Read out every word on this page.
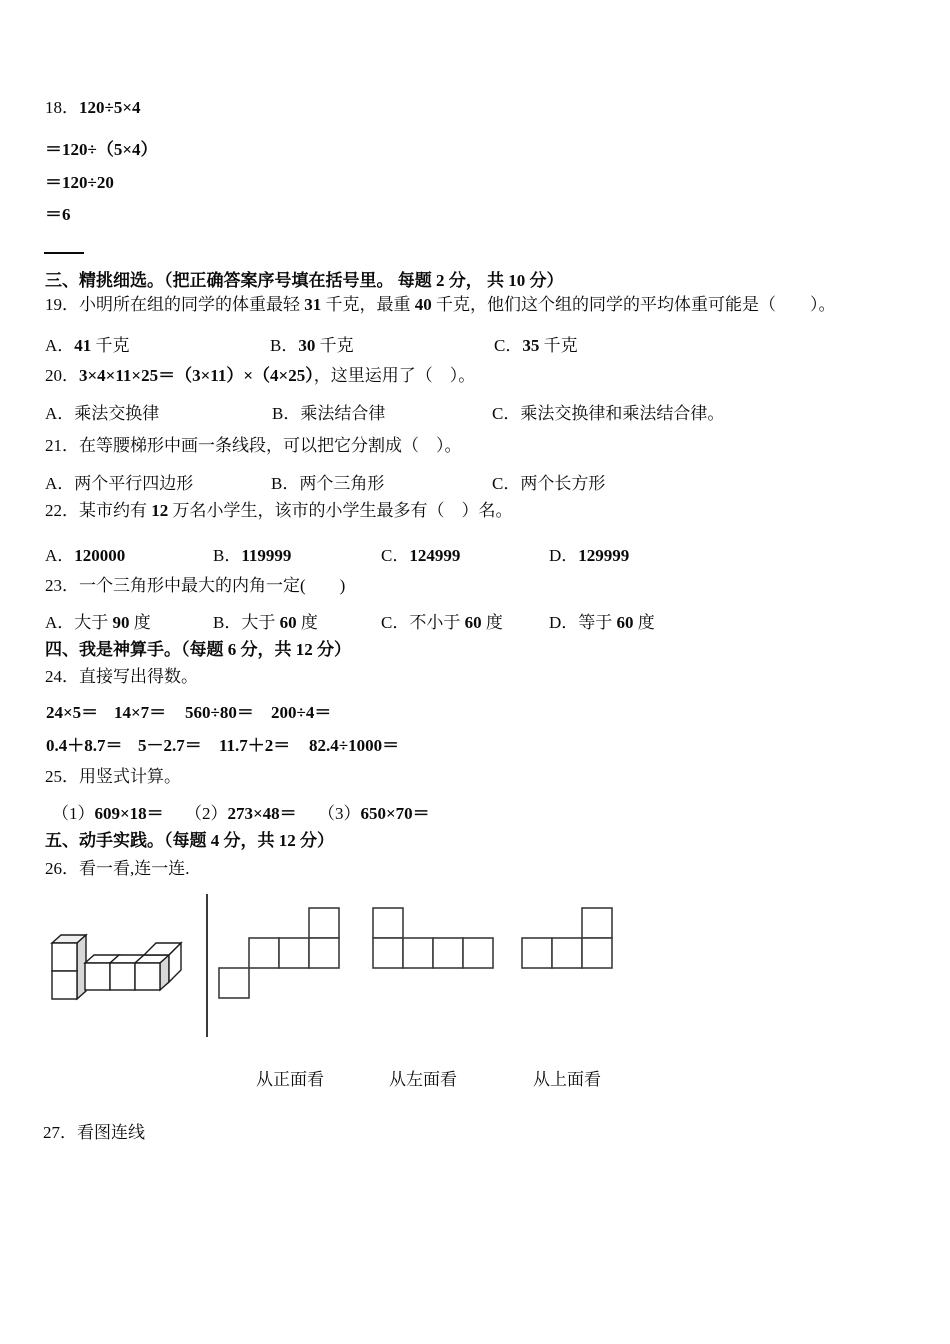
18．120÷5×4
＝120÷（5×4）
＝120÷20
＝6
三、精挑细选。（把正确答案序号填在括号里。 每题 2 分， 共 10 分）
19．小明所在组的同学的体重最轻 31 千克，最重 40 千克，他们这个组的同学的平均体重可能是（　　）。
A．41 千克	B．30 千克	C．35 千克
20．3×4×11×25＝（3×11）×（4×25），这里运用了（　）。
A．乘法交换律	B．乘法结合律	C．乘法交换律和乘法结合律。
21．在等腰梯形中画一条线段，可以把它分割成（　）。
A．两个平行四边形	B．两个三角形	C．两个长方形
22．某市约有 12 万名小学生，该市的小学生最多有（　）名。
A．120000	B．119999	C．124999	D．129999
23．一个三角形中最大的内角一定(　　)
A．大于 90 度	B．大于 60 度	C．不小于 60 度	D．等于 60 度
四、我是神算手。（每题 6 分，共 12 分）
24．直接写出得数。
24×5＝ 14×7＝ 560÷80＝ 200÷4＝
0.4＋8.7＝ 5－2.7＝ 11.7＋2＝ 82.4÷1000＝
25．用竖式计算。
（1）609×18＝ （2）273×48＝ （3）650×70＝
五、动手实践。（每题 4 分，共 12 分）
26．看一看,连一连.
从正面看	从左面看	从上面看
27．看图连线
